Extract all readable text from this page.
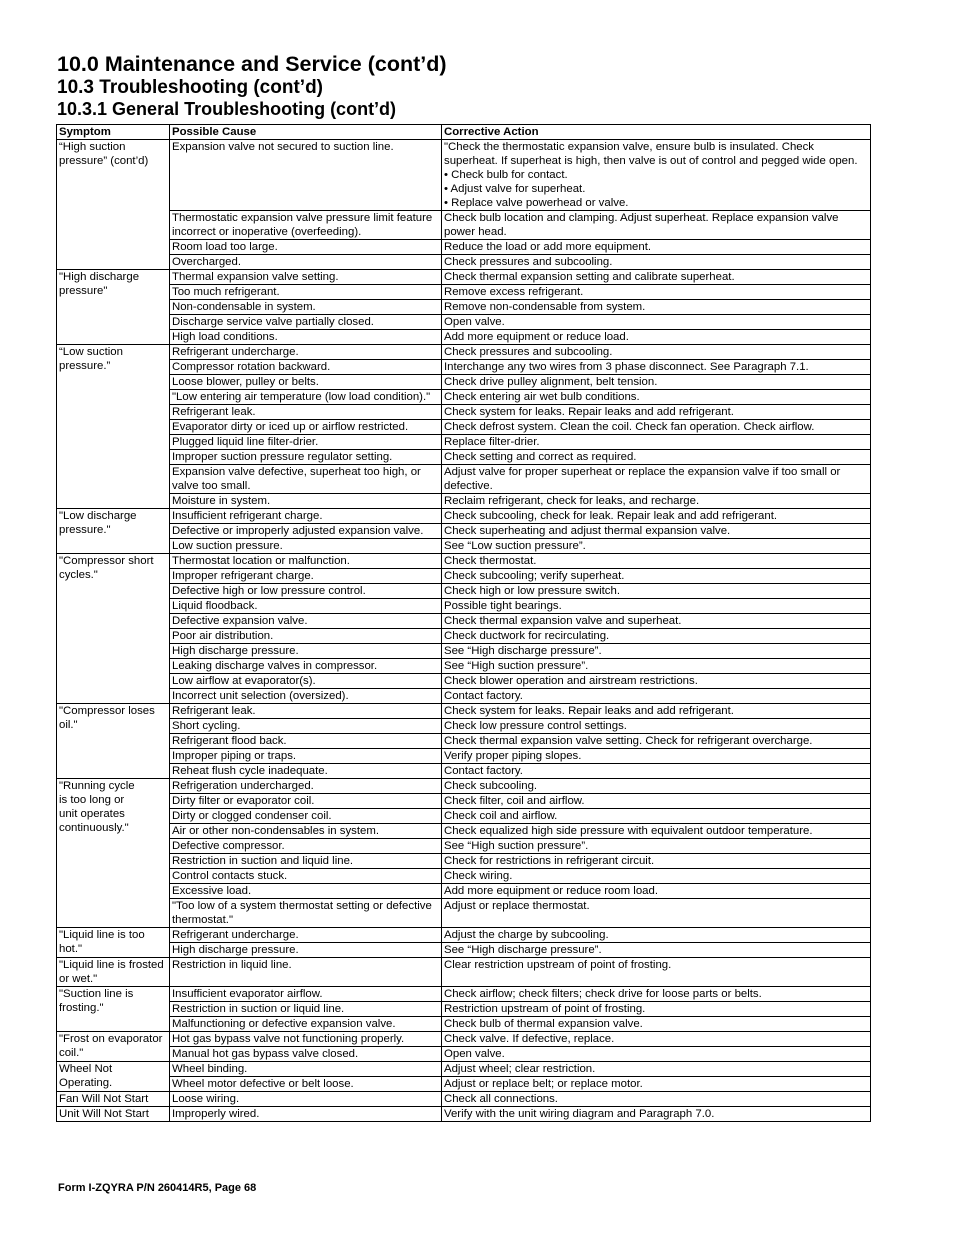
10.0 Maintenance and Service (cont’d)
10.3 Troubleshooting (cont’d)
10.3.1 General Troubleshooting (cont’d)
Symptom	Possible Cause	Corrective Action
“High suction pressure” (cont’d)	Expansion valve not secured to suction line.	"Check the thermostatic expansion valve, ensure bulb is insulated. Check superheat. If superheat is high, then valve is out of control and pegged wide open.
• Check bulb for contact.
• Adjust valve for superheat.
• Replace valve powerhead or valve.
	Thermostatic expansion valve pressure limit feature incorrect or inoperative (overfeeding).	Check bulb location and clamping. Adjust superheat. Replace expansion valve power head.
	Room load too large.	Reduce the load or add more equipment.
	Overcharged.	Check pressures and subcooling.
"High discharge pressure"	Thermal expansion valve setting.	Check thermal expansion setting and calibrate superheat.
	Too much refrigerant.	Remove excess refrigerant.
	Non-condensable in system.	Remove non-condensable from system.
	Discharge service valve partially closed.	Open valve.
	High load conditions.	Add more equipment or reduce load.
“Low suction pressure.”	Refrigerant undercharge.	Check pressures and subcooling.
	Compressor rotation backward.	Interchange any two wires from 3 phase disconnect. See Paragraph 7.1.
	Loose blower, pulley or belts.	Check drive pulley alignment, belt tension.
	"Low entering air temperature (low load condition)."	Check entering air wet bulb conditions.
	Refrigerant leak.	Check system for leaks. Repair leaks and add refrigerant.
	Evaporator dirty or iced up or airflow restricted.	Check defrost system. Clean the coil. Check fan operation. Check airflow.
	Plugged liquid line filter-drier.	Replace filter-drier.
	Improper suction pressure regulator setting.	Check setting and correct as required.
	Expansion valve defective, superheat too high, or valve too small.	Adjust valve for proper superheat or replace the expansion valve if too small or defective.
	Moisture in system.	Reclaim refrigerant, check for leaks, and recharge.
"Low discharge pressure."	Insufficient refrigerant charge.	Check subcooling, check for leak. Repair leak and add refrigerant.
	Defective or improperly adjusted expansion valve.	Check superheating and adjust thermal expansion valve.
	Low suction pressure.	See “Low suction pressure”.
"Compressor short cycles."	Thermostat location or malfunction.	Check thermostat.
	Improper refrigerant charge.	Check subcooling; verify superheat.
	Defective high or low pressure control.	Check high or low pressure switch.
	Liquid floodback.	Possible tight bearings.
	Defective expansion valve.	Check thermal expansion valve and superheat.
	Poor air distribution.	Check ductwork for recirculating.
	High discharge pressure.	See “High discharge pressure”.
	Leaking discharge valves in compressor.	See “High suction pressure”.
	Low airflow at evaporator(s).	Check blower operation and airstream restrictions.
	Incorrect unit selection (oversized).	Contact factory.
"Compressor loses oil."	Refrigerant leak.	Check system for leaks. Repair leaks and add refrigerant.
	Short cycling.	Check low pressure control settings.
	Refrigerant flood back.	Check thermal expansion valve setting. Check for refrigerant overcharge.
	Improper piping or traps.	Verify proper piping slopes.
	Reheat flush cycle inadequate.	Contact factory.
"Running cycle
is too long or
unit operates
continuously."	Refrigeration undercharged.	Check subcooling.
	Dirty filter or evaporator coil.	Check filter, coil and airflow.
	Dirty or clogged condenser coil.	Check coil and airflow.
	Air or other non-condensables in system.	Check equalized high side pressure with equivalent outdoor temperature.
	Defective compressor.	See “High suction pressure”.
	Restriction in suction and liquid line.	Check for restrictions in refrigerant circuit.
	Control contacts stuck.	Check wiring.
	Excessive load.	Add more equipment or reduce room load.
	"Too low of a system thermostat setting or defective thermostat."	Adjust or replace thermostat.
"Liquid line is too hot."	Refrigerant undercharge.	Adjust the charge by subcooling.
	High discharge pressure.	See “High discharge pressure”.
"Liquid line is frosted or wet."	Restriction in liquid line.	Clear restriction upstream of point of frosting.
"Suction line is frosting."	Insufficient evaporator airflow.	Check airflow; check filters; check drive for loose parts or belts.
	Restriction in suction or liquid line.	Restriction upstream of point of frosting.
	Malfunctioning or defective expansion valve.	Check bulb of thermal expansion valve.
"Frost on evaporator coil."	Hot gas bypass valve not functioning properly.	Check valve. If defective, replace.
	Manual hot gas bypass valve closed.	Open valve.
Wheel Not Operating.	Wheel binding.	Adjust wheel; clear restriction.
	Wheel motor defective or belt loose.	Adjust or replace belt; or replace motor.
Fan Will Not Start	Loose wiring.	Check all connections.
Unit Will Not Start	Improperly wired.	Verify with the unit wiring diagram and Paragraph 7.0.
Form I-ZQYRA P/N 260414R5, Page 68
